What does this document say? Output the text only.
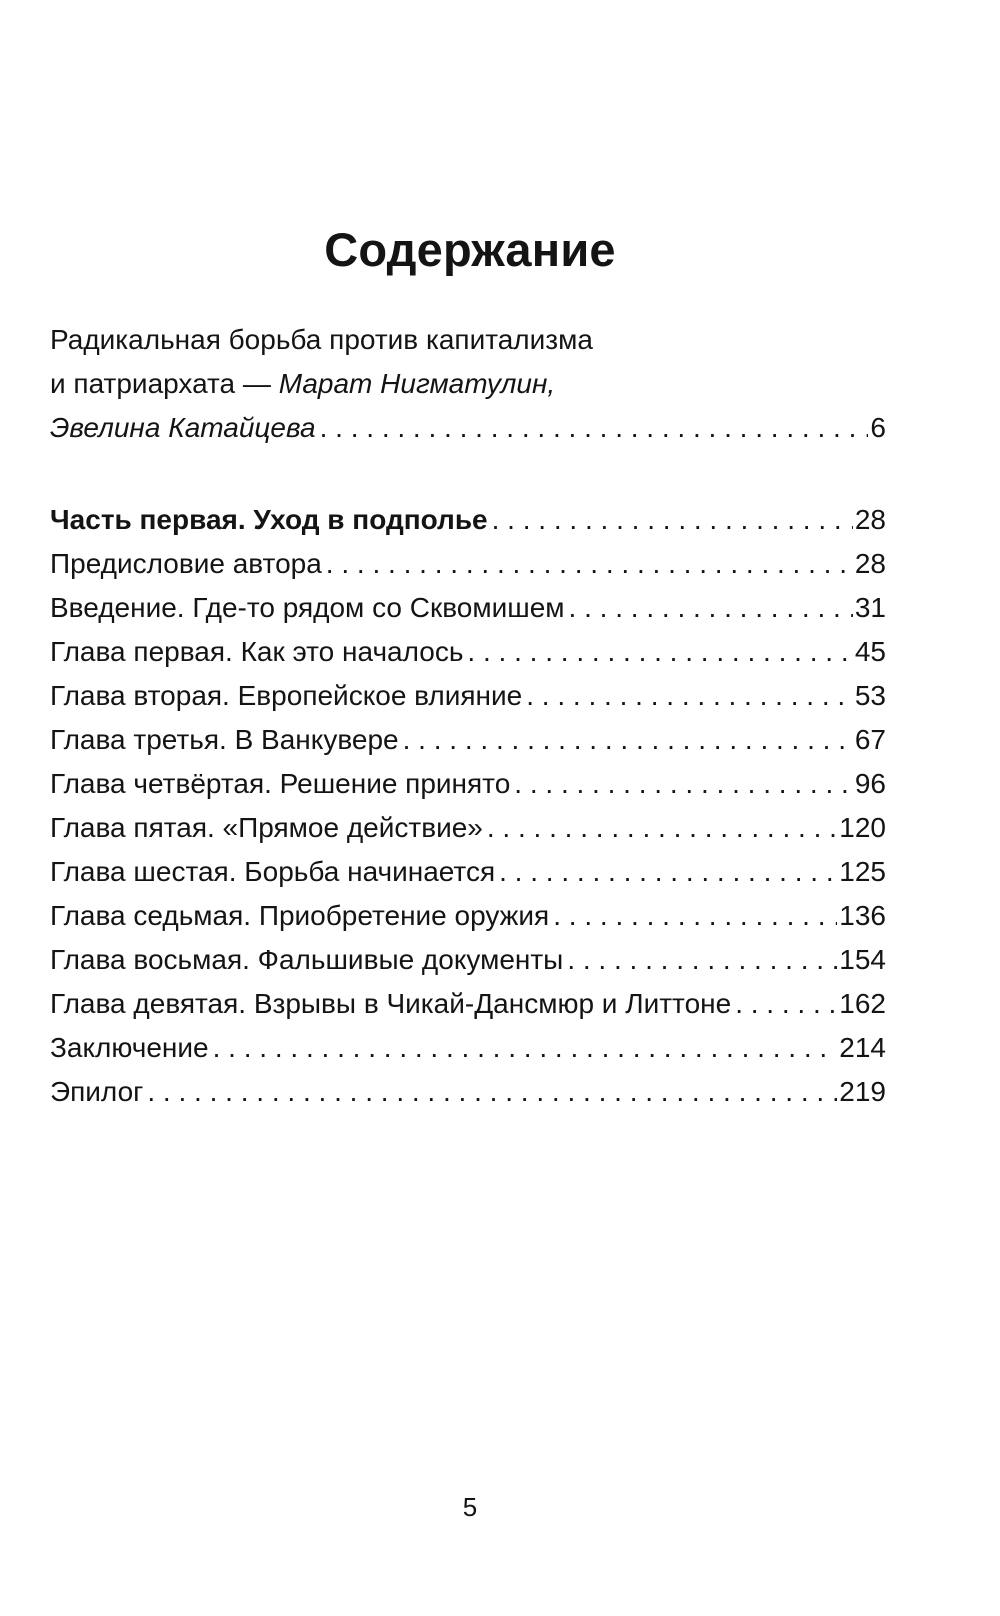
Содержание
Радикальная борьба против капитализма
и патриархата — Марат Нигматулин,
Эвелина Катайцева . . .	6
Часть первая. Уход в подполье . . .	28
Предисловие автора . . .	28
Введение. Где-то рядом со Сквомишем . . .	31
Глава первая. Как это началось . . .	45
Глава вторая. Европейское влияние . . .	53
Глава третья. В Ванкувере . . .	67
Глава четвёртая. Решение принято . . .	96
Глава пятая. «Прямое действие» . . .	120
Глава шестая. Борьба начинается . . .	125
Глава седьмая. Приобретение оружия . . .	136
Глава восьмая. Фальшивые документы . . .	154
Глава девятая. Взрывы в Чикай-Дансмюр и Литтоне . . .	162
Заключение . . .	214
Эпилог . . .	219
5
